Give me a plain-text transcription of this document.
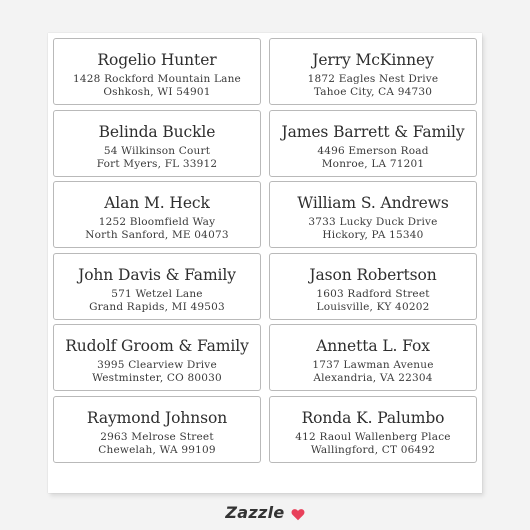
Rogelio Hunter
1428 Rockford Mountain Lane
Oshkosh, WI 54901
Jerry McKinney
1872 Eagles Nest Drive
Tahoe City, CA 94730
Belinda Buckle
54 Wilkinson Court
Fort Myers, FL 33912
James Barrett & Family
4496 Emerson Road
Monroe, LA 71201
Alan M. Heck
1252 Bloomfield Way
North Sanford, ME 04073
William S. Andrews
3733 Lucky Duck Drive
Hickory, PA 15340
John Davis & Family
571 Wetzel Lane
Grand Rapids, MI 49503
Jason Robertson
1603 Radford Street
Louisville, KY 40202
Rudolf Groom & Family
3995 Clearview Drive
Westminster, CO 80030
Annetta L. Fox
1737 Lawman Avenue
Alexandria, VA 22304
Raymond Johnson
2963 Melrose Street
Chewelah, WA 99109
Ronda K. Palumbo
412 Raoul Wallenberg Place
Wallingford, CT 06492
Zazzle
